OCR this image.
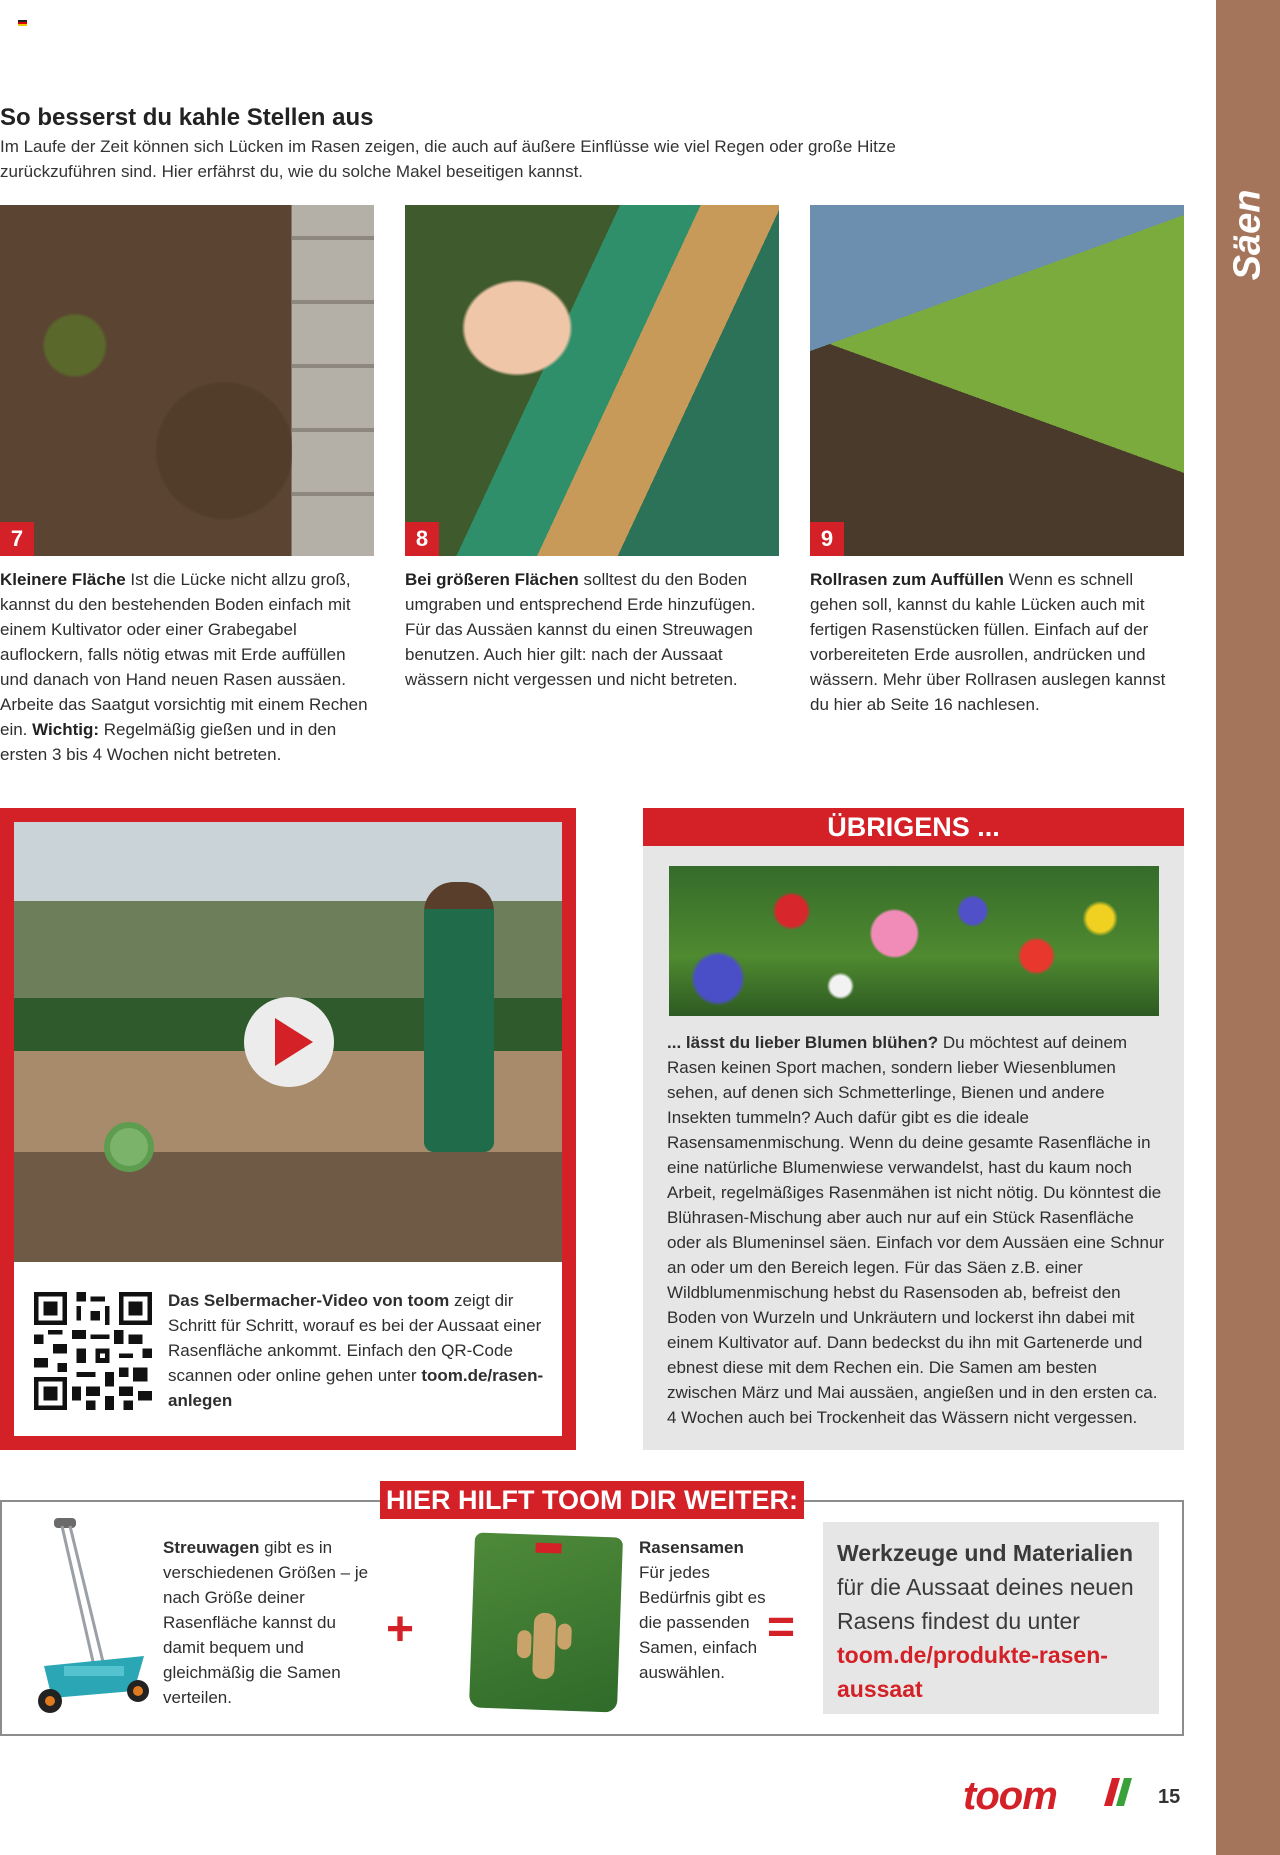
Säen
So besserst du kahle Stellen aus

Im Laufe der Zeit können sich Lücken im Rasen zeigen, die auch auf äußere Einflüsse wie viel Regen oder große Hitze zurückzuführen sind. Hier erfährst du, wie du solche Makel beseitigen kannst.

7	8	9

Kleinere Fläche Ist die Lücke nicht allzu groß, kannst du den bestehenden Boden einfach mit einem Kultivator oder einer Grabegabel auflockern, falls nötig etwas mit Erde auffüllen und danach von Hand neuen Rasen aussäen. Arbeite das Saatgut vorsichtig mit einem Rechen ein. Wichtig: Regelmäßig gießen und in den ersten 3 bis 4 Wochen nicht betreten.

Bei größeren Flächen solltest du den Boden umgraben und entsprechend Erde hinzufügen. Für das Aussäen kannst du einen Streuwagen benutzen. Auch hier gilt: nach der Aussaat wässern nicht vergessen und nicht betreten.

Rollrasen zum Auffüllen Wenn es schnell gehen soll, kannst du kahle Lücken auch mit fertigen Rasenstücken füllen. Einfach auf der vorbereiteten Erde ausrollen, andrücken und wässern. Mehr über Rollrasen auslegen kannst du hier ab Seite 16 nachlesen.

Das Selbermacher-Video von toom zeigt dir Schritt für Schritt, worauf es bei der Aussaat einer Rasenfläche ankommt. Einfach den QR-Code scannen oder online gehen unter toom.de/rasen-anlegen

ÜBRIGENS ...

... lässt du lieber Blumen blühen? Du möchtest auf deinem Rasen keinen Sport machen, sondern lieber Wiesenblumen sehen, auf denen sich Schmetterlinge, Bienen und andere Insekten tummeln? Auch dafür gibt es die ideale Rasensamenmischung. Wenn du deine gesamte Rasenfläche in eine natürliche Blumenwiese verwandelst, hast du kaum noch Arbeit, regelmäßiges Rasenmähen ist nicht nötig. Du könntest die Blührasen-Mischung aber auch nur auf ein Stück Rasenfläche oder als Blumeninsel säen. Einfach vor dem Aussäen eine Schnur an oder um den Bereich legen. Für das Säen z.B. einer Wildblumenmischung hebst du Rasensoden ab, befreist den Boden von Wurzeln und Unkräutern und lockerst ihn dabei mit einem Kultivator auf. Dann bedeckst du ihn mit Gartenerde und ebnest diese mit dem Rechen ein. Die Samen am besten zwischen März und Mai aussäen, angießen und in den ersten ca. 4 Wochen auch bei Trockenheit das Wässern nicht vergessen.

HIER HILFT TOOM DIR WEITER:

Streuwagen gibt es in verschiedenen Größen – je nach Größe deiner Rasenfläche kannst du damit bequem und gleichmäßig die Samen verteilen.

+

Rasensamen Für jedes Bedürfnis gibt es die passenden Samen, einfach auswählen.

=

Werkzeuge und Materialien für die Aussaat deines neuen Rasens findest du unter
toom.de/produkte-rasen-aussaat

toom	15
